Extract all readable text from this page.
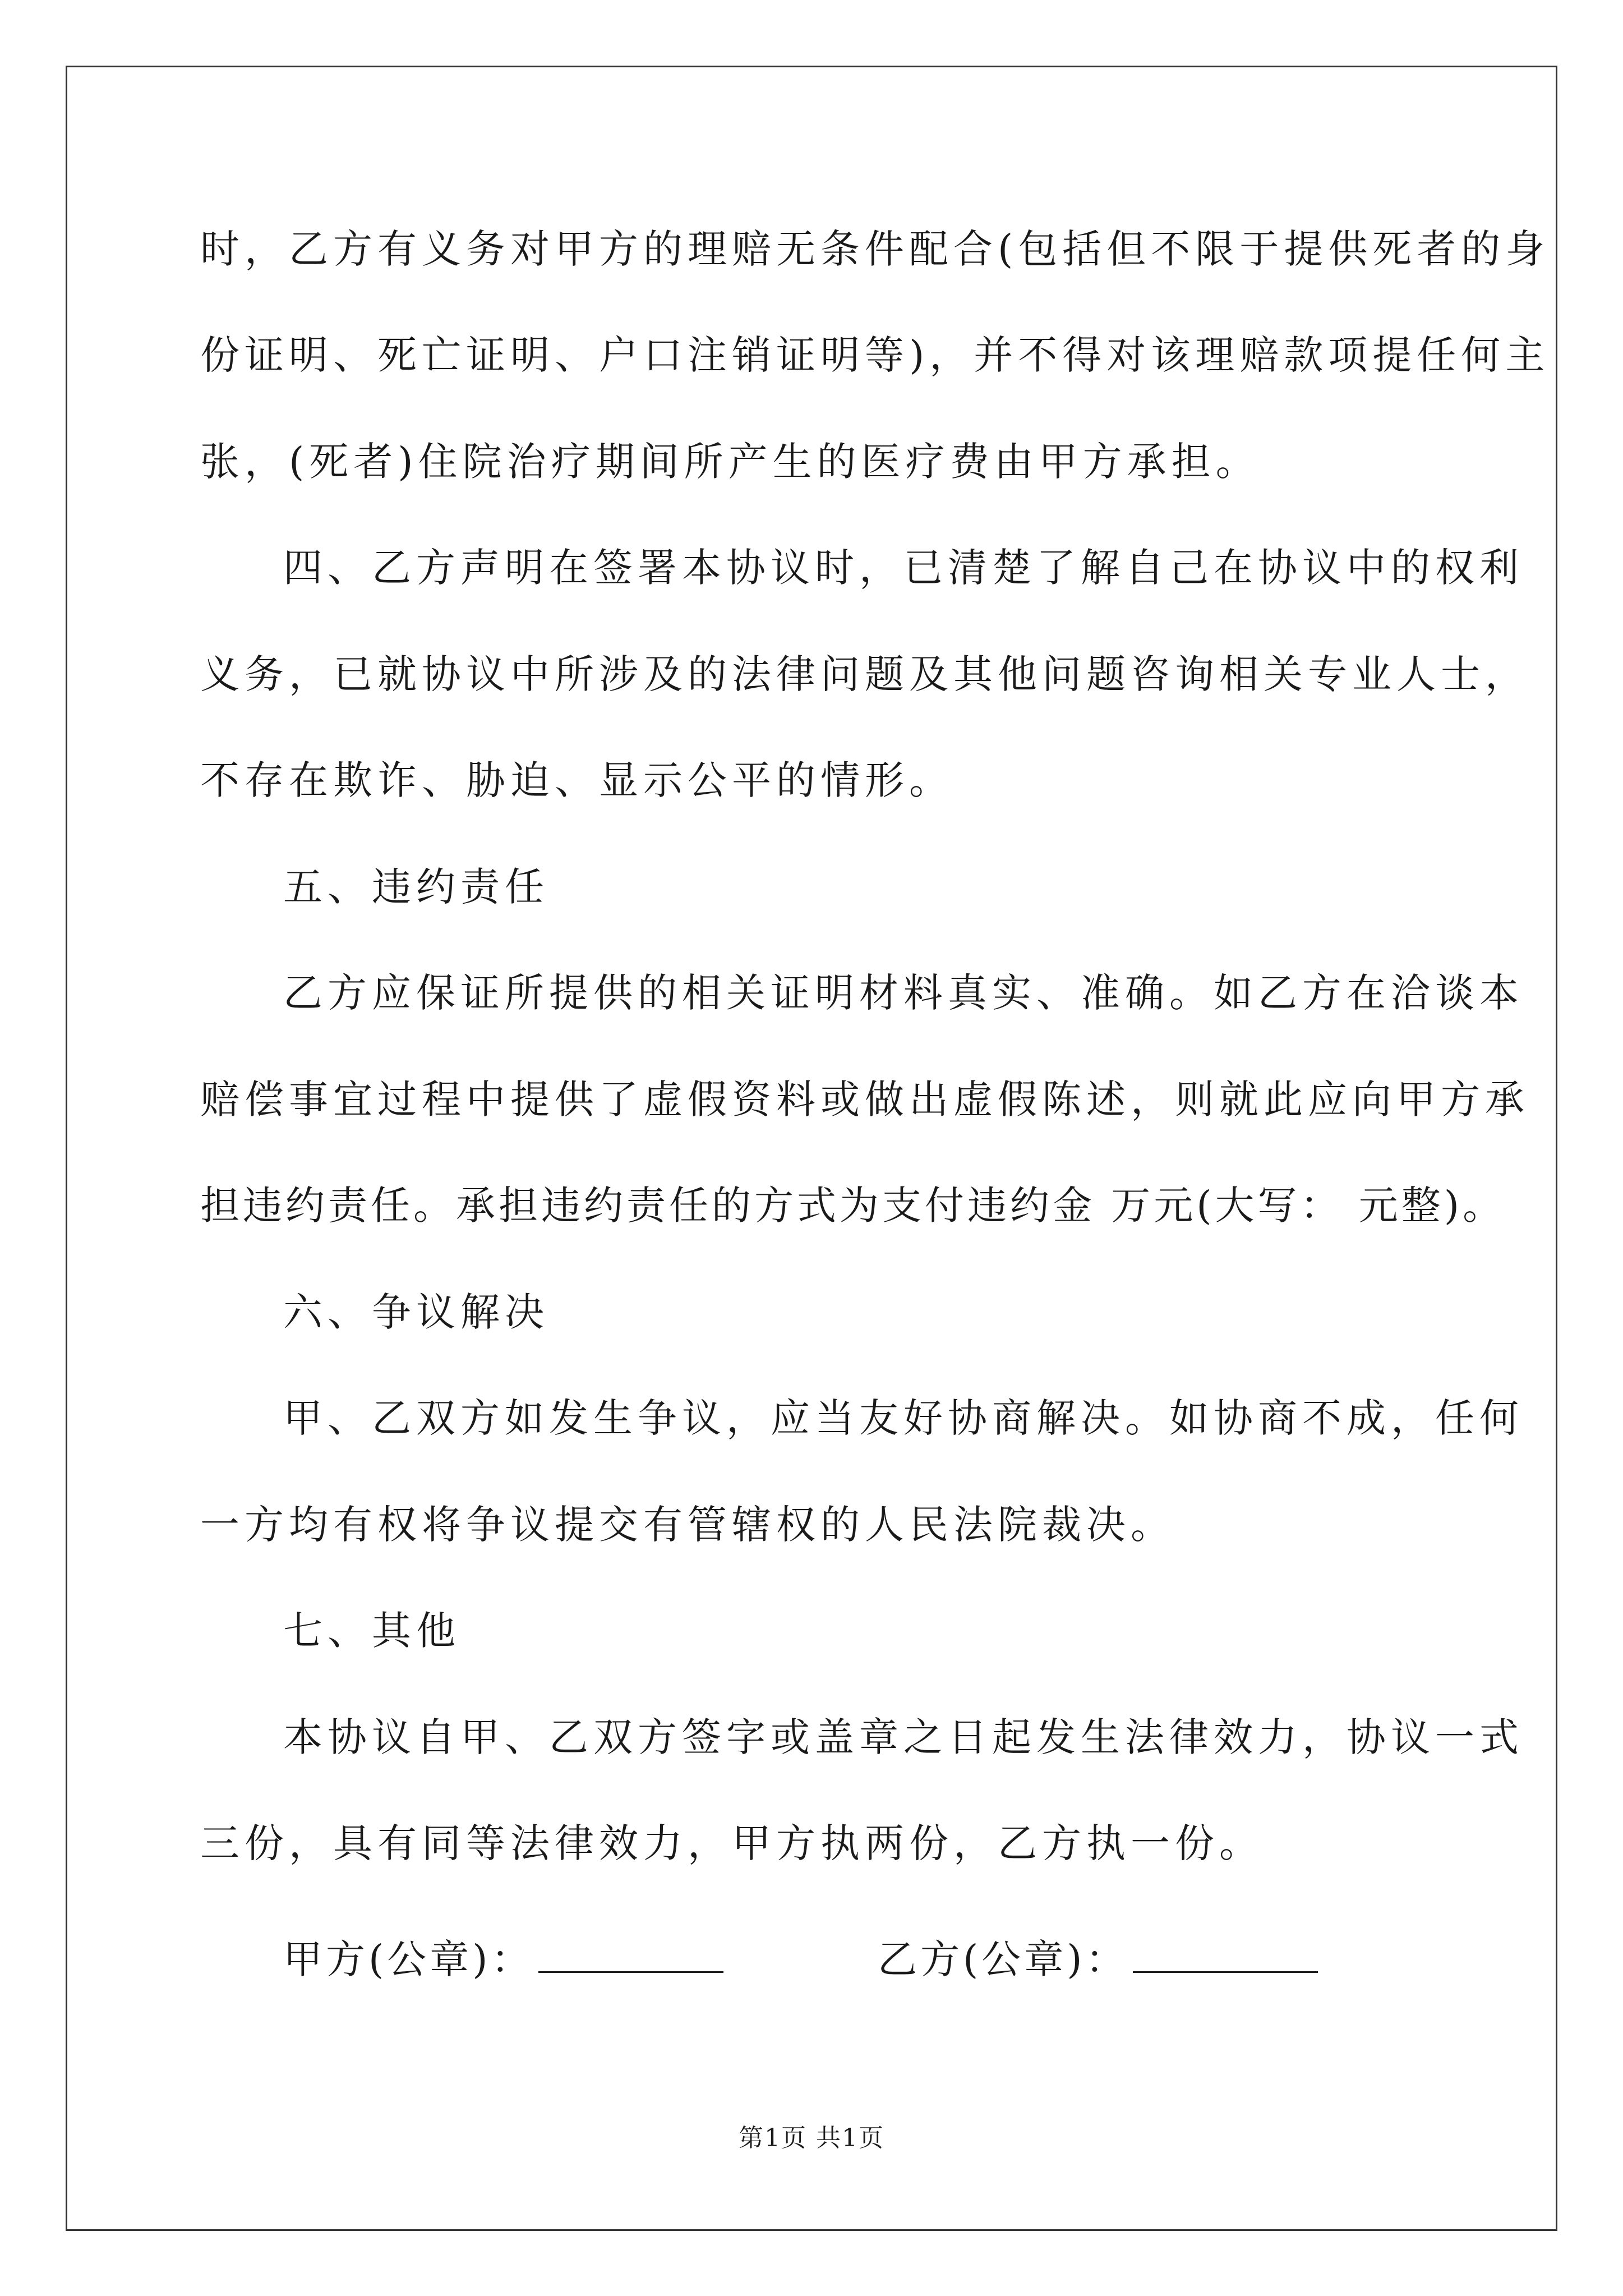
时，乙方有义务对甲方的理赔无条件配合(包括但不限于提供死者的身
份证明、死亡证明、户口注销证明等)，并不得对该理赔款项提任何主
张，(死者)住院治疗期间所产生的医疗费由甲方承担。
四、乙方声明在签署本协议时，已清楚了解自己在协议中的权利
义务，已就协议中所涉及的法律问题及其他问题咨询相关专业人士，
不存在欺诈、胁迫、显示公平的情形。
五、违约责任
乙方应保证所提供的相关证明材料真实、准确。如乙方在洽谈本
赔偿事宜过程中提供了虚假资料或做出虚假陈述，则就此应向甲方承
担违约责任。承担违约责任的方式为支付违约金 万元(大写： 元整)。
六、争议解决
甲、乙双方如发生争议，应当友好协商解决。如协商不成，任何
一方均有权将争议提交有管辖权的人民法院裁决。
七、其他
本协议自甲、乙双方签字或盖章之日起发生法律效力，协议一式
三份，具有同等法律效力，甲方执两份，乙方执一份。
甲方(公章)：	乙方(公章)：
第1页 共1页
